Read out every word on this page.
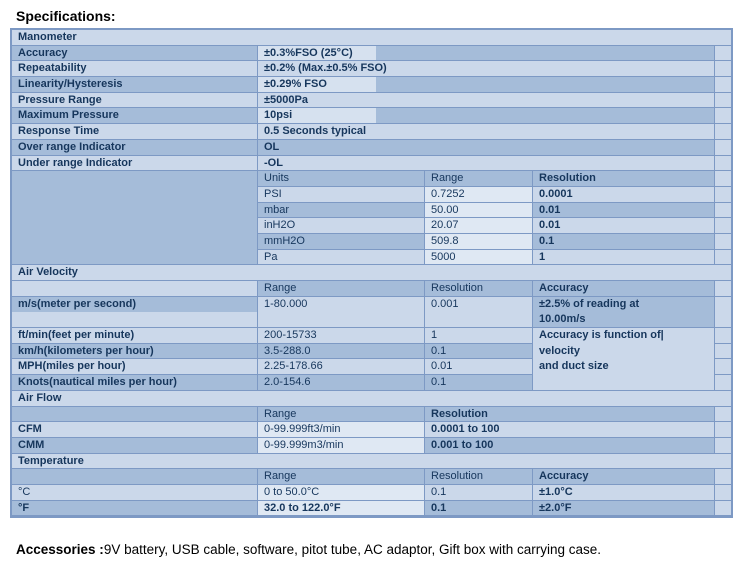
Specifications:
Manometer
Accuracy	±0.3%FSO (25°C)
Repeatability	±0.2% (Max.±0.5% FSO)
Linearity/Hysteresis	±0.29% FSO
Pressure Range	±5000Pa
Maximum Pressure	10psi
Response Time	0.5 Seconds typical
Over range Indicator	OL
Under range Indicator	-OL
Units	Range	Resolution
PSI	0.7252	0.0001
mbar	50.00	0.01
inH2O	20.07	0.01
mmH2O	509.8	0.1
Pa	5000	1
Air Velocity
Range	Resolution	Accuracy
m/s(meter per second)	1-80.000	0.001	±2.5% of reading at
10.00m/s
ft/min(feet per minute)	200-15733	1	Accuracy is function of|
velocity
and duct size
km/h(kilometers per hour)	3.5-288.0	0.1
MPH(miles per hour)	2.25-178.66	0.01
Knots(nautical miles per hour)	2.0-154.6	0.1
Air Flow
Range	Resolution
CFM	0-99.999ft3/min	0.0001 to 100
CMM	0-99.999m3/min	0.001 to 100
Temperature
Range	Resolution	Accuracy
°C	0 to 50.0°C	0.1	±1.0°C
°F	32.0 to 122.0°F	0.1	±2.0°F
Accessories :9V battery, USB cable, software, pitot tube, AC adaptor, Gift box with carrying case.
